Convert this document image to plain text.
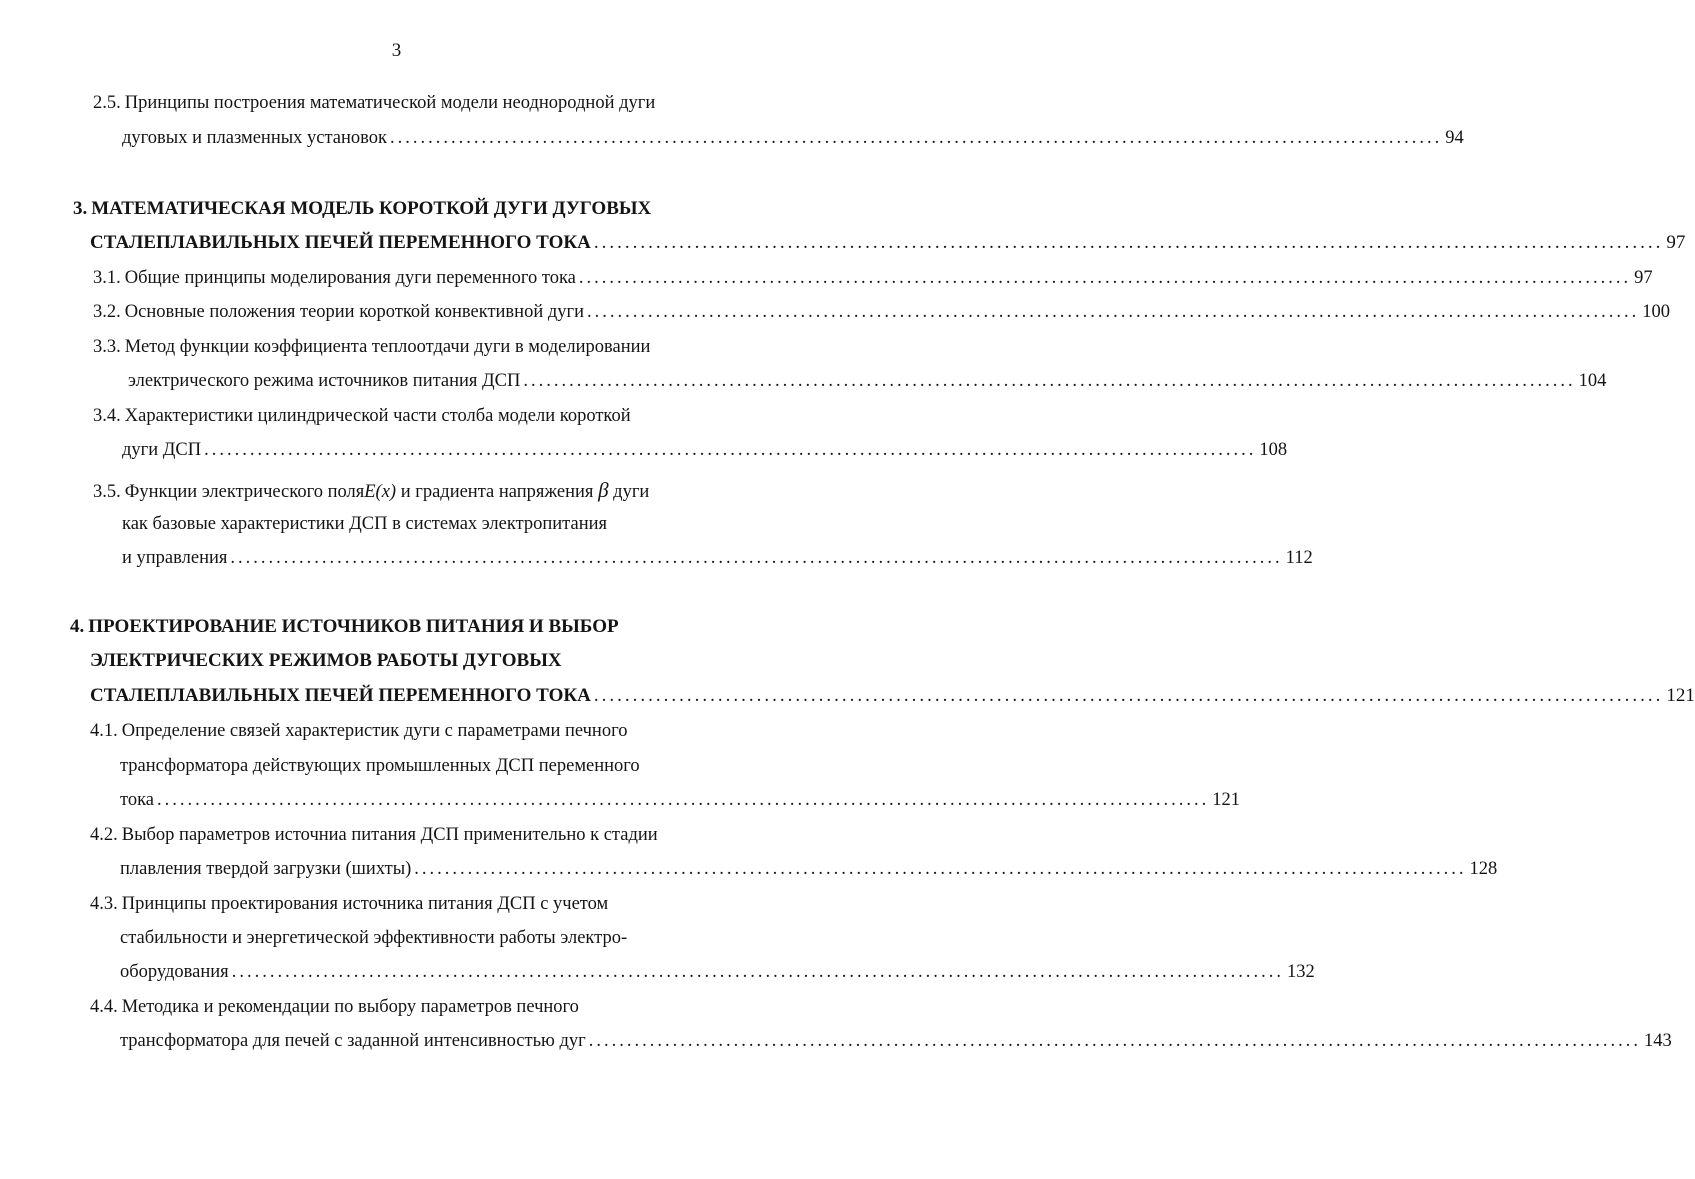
3
2.5. Принципы построения математической модели неоднородной дуги
дуговых и плазменных установок .......................................................................................................................................... 94
3. МАТЕМАТИЧЕСКАЯ МОДЕЛЬ КОРОТКОЙ ДУГИ ДУГОВЫХ
СТАЛЕПЛАВИЛЬНЫХ ПЕЧЕЙ ПЕРЕМЕННОГО ТОКА .......................................................................................................................................... 97
3.1. Общие принципы моделирования дуги переменного тока .......................................................................................................................................... 97
3.2. Основные положения теории короткой конвективной дуги .......................................................................................................................................... 100
3.3. Метод функции коэффициента теплоотдачи дуги в моделировании
электрического режима источников питания ДСП .......................................................................................................................................... 104
3.4. Характеристики цилиндрической части столба модели короткой
дуги ДСП .......................................................................................................................................... 108
3.5. Функции электрического поля E(x) и градиента напряжения β дуги
как базовые характеристики ДСП в системах электропитания
и управления .......................................................................................................................................... 112
4. ПРОЕКТИРОВАНИЕ ИСТОЧНИКОВ ПИТАНИЯ И ВЫБОР
ЭЛЕКТРИЧЕСКИХ РЕЖИМОВ РАБОТЫ ДУГОВЫХ
СТАЛЕПЛАВИЛЬНЫХ ПЕЧЕЙ ПЕРЕМЕННОГО ТОКА .......................................................................................................................................... 121
4.1. Определение связей характеристик дуги с параметрами печного
трансформатора действующих промышленных ДСП переменного
тока .......................................................................................................................................... 121
4.2. Выбор параметров источниа питания ДСП применительно к стадии
плавления твердой загрузки (шихты) .......................................................................................................................................... 128
4.3. Принципы проектирования источника питания ДСП с учетом
стабильности и энергетической эффективности работы электро-
оборудования .......................................................................................................................................... 132
4.4. Методика и рекомендации по выбору параметров печного
трансформатора для печей с заданной интенсивностью дуг .......................................................................................................................................... 143
